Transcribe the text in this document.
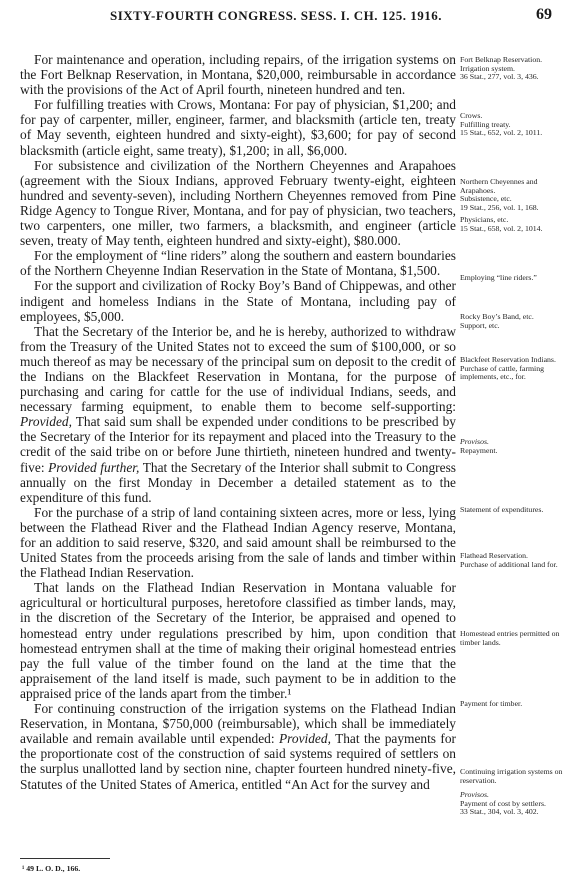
SIXTY-FOURTH CONGRESS. SESS. I. CH. 125. 1916.	69

For maintenance and operation, including repairs, of the irrigation systems on the Fort Belknap Reservation, in Montana, $20,000, reimbursable in accordance with the provisions of the Act of April fourth, nineteen hundred and ten.

For fulfilling treaties with Crows, Montana: For pay of physician, $1,200; and for pay of carpenter, miller, engineer, farmer, and blacksmith (article ten, treaty of May seventh, eighteen hundred and sixty-eight), $3,600; for pay of second blacksmith (article eight, same treaty), $1,200; in all, $6,000.

For subsistence and civilization of the Northern Cheyennes and Arapahoes (agreement with the Sioux Indians, approved February twenty-eight, eighteen hundred and seventy-seven), including Northern Cheyennes removed from Pine Ridge Agency to Tongue River, Montana, and for pay of physician, two teachers, two carpenters, one miller, two farmers, a blacksmith, and engineer (article seven, treaty of May tenth, eighteen hundred and sixty-eight), $80.000.

For the employment of “line riders” along the southern and eastern boundaries of the Northern Cheyenne Indian Reservation in the State of Montana, $1,500.

For the support and civilization of Rocky Boy’s Band of Chippewas, and other indigent and homeless Indians in the State of Montana, including pay of employees, $5,000.

That the Secretary of the Interior be, and he is hereby, authorized to withdraw from the Treasury of the United States not to exceed the sum of $100,000, or so much thereof as may be necessary of the principal sum on deposit to the credit of the Indians on the Blackfeet Reservation in Montana, for the purpose of purchasing and caring for cattle for the use of individual Indians, seeds, and necessary farming equipment, to enable them to become self-supporting: Provided, That said sum shall be expended under conditions to be prescribed by the Secretary of the Interior for its repayment and placed into the Treasury to the credit of the said tribe on or before June thirtieth, nineteen hundred and twenty-five: Provided further, That the Secretary of the Interior shall submit to Congress annually on the first Monday in December a detailed statement as to the expenditure of this fund.

For the purchase of a strip of land containing sixteen acres, more or less, lying between the Flathead River and the Flathead Indian Agency reserve, Montana, for an addition to said reserve, $320, and said amount shall be reimbursed to the United States from the proceeds arising from the sale of lands and timber within the Flathead Indian Reservation.

That lands on the Flathead Indian Reservation in Montana valuable for agricultural or horticultural purposes, heretofore classified as timber lands, may, in the discretion of the Secretary of the Interior, be appraised and opened to homestead entry under regulations prescribed by him, upon condition that homestead entrymen shall at the time of making their original homestead entries pay the full value of the timber found on the land at the time that the appraisement of the land itself is made, such payment to be in addition to the appraised price of the lands apart from the timber.¹

For continuing construction of the irrigation systems on the Flathead Indian Reservation, in Montana, $750,000 (reimbursable), which shall be immediately available and remain available until expended: Provided, That the payments for the proportionate cost of the construction of said systems required of settlers on the surplus unallotted land by section nine, chapter fourteen hundred ninety-five, Statutes of the United States of America, entitled “An Act for the survey and

Fort Belknap Reservation.
Irrigation system.
36 Stat., 277, vol. 3, 436.
Crows.
Fulfilling treaty.
15 Stat., 652, vol. 2, 1011.
Northern Cheyennes and Arapahoes.
Subsistence, etc.
19 Stat., 256, vol. 1, 168.
Physicians, etc.
15 Stat., 658, vol. 2, 1014.
Employing “line riders.”
Rocky Boy’s Band, etc.
Support, etc.
Blackfeet Reservation Indians.
Purchase of cattle, farming implements, etc., for.
Provisos.
Repayment.
Statement of expenditures.
Flathead Reservation.
Purchase of additional land for.
Homestead entries permitted on timber lands.
Payment for timber.
Continuing irrigation systems on reservation.
Provisos.
Payment of cost by settlers.
33 Stat., 304, vol. 3, 402.
¹ 49 L. O. D., 166.
